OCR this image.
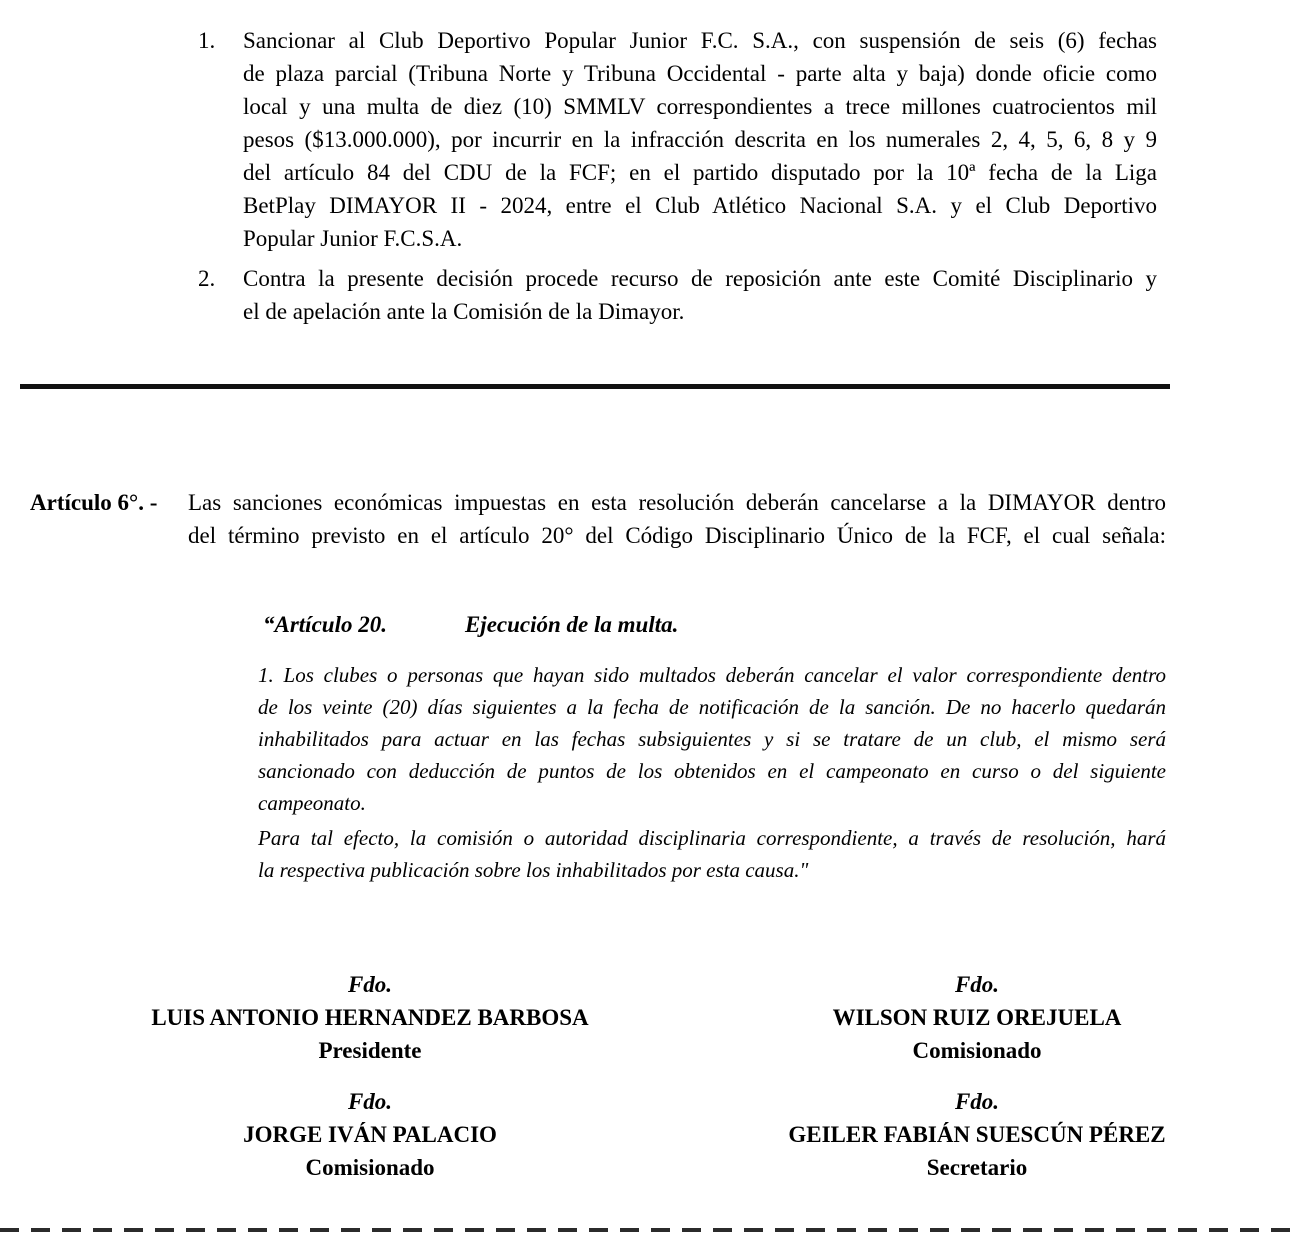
1.	Sancionar al Club Deportivo Popular Junior F.C. S.A., con suspensión de seis (6) fechas
de plaza parcial (Tribuna Norte y Tribuna Occidental - parte alta y baja) donde oficie como
local y una multa de diez (10) SMMLV correspondientes a trece millones cuatrocientos mil
pesos ($13.000.000), por incurrir en la infracción descrita en los numerales 2, 4, 5, 6, 8 y 9
del artículo 84 del CDU de la FCF; en el partido disputado por la 10ª fecha de la Liga
BetPlay DIMAYOR II - 2024, entre el Club Atlético Nacional S.A. y el Club Deportivo
Popular Junior F.C.S.A.
2.	Contra la presente decisión procede recurso de reposición ante este Comité Disciplinario y
el de apelación ante la Comisión de la Dimayor.
Artículo 6°. - Las sanciones económicas impuestas en esta resolución deberán cancelarse a la DIMAYOR dentro
del término previsto en el artículo 20° del Código Disciplinario Único de la FCF, el cual señala:
“Artículo 20.	Ejecución de la multa.
1. Los clubes o personas que hayan sido multados deberán cancelar el valor correspondiente dentro
de los veinte (20) días siguientes a la fecha de notificación de la sanción. De no hacerlo quedarán
inhabilitados para actuar en las fechas subsiguientes y si se tratare de un club, el mismo será
sancionado con deducción de puntos de los obtenidos en el campeonato en curso o del siguiente
campeonato.
Para tal efecto, la comisión o autoridad disciplinaria correspondiente, a través de resolución, hará
la respectiva publicación sobre los inhabilitados por esta causa."
Fdo.
LUIS ANTONIO HERNANDEZ BARBOSA
Presidente
Fdo.
WILSON RUIZ OREJUELA
Comisionado
Fdo.
JORGE IVÁN PALACIO
Comisionado
Fdo.
GEILER FABIÁN SUESCÚN PÉREZ
Secretario
